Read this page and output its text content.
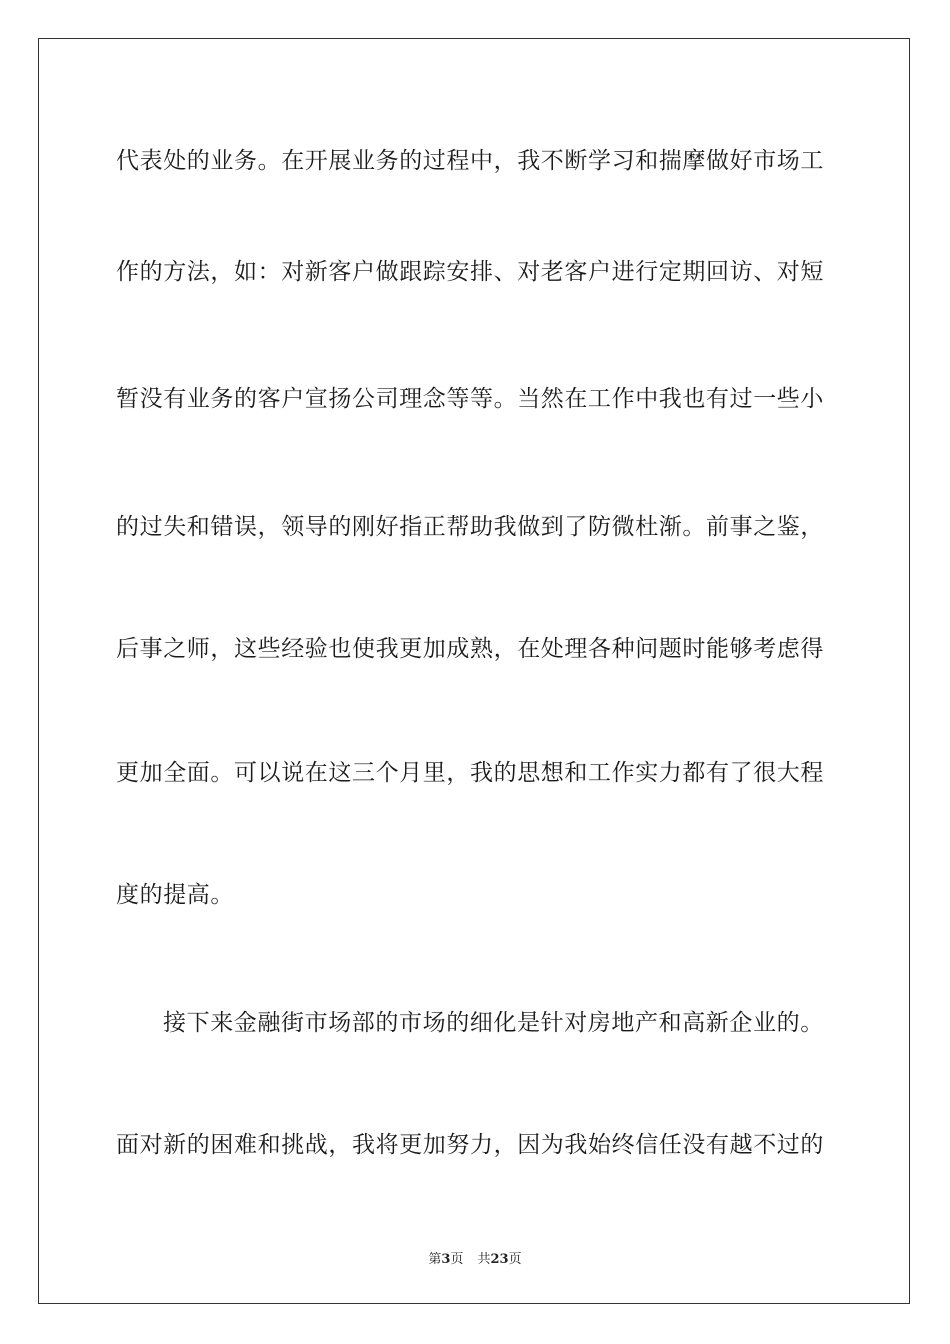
代表处的业务。在开展业务的过程中，我不断学习和揣摩做好市场工
作的方法，如：对新客户做跟踪安排、对老客户进行定期回访、对短
暂没有业务的客户宣扬公司理念等等。当然在工作中我也有过一些小
的过失和错误，领导的刚好指正帮助我做到了防微杜渐。前事之鉴，
后事之师，这些经验也使我更加成熟，在处理各种问题时能够考虑得
更加全面。可以说在这三个月里，我的思想和工作实力都有了很大程
度的提高。
接下来金融街市场部的市场的细化是针对房地产和高新企业的。
面对新的困难和挑战，我将更加努力，因为我始终信任没有越不过的
第3页 共23页
